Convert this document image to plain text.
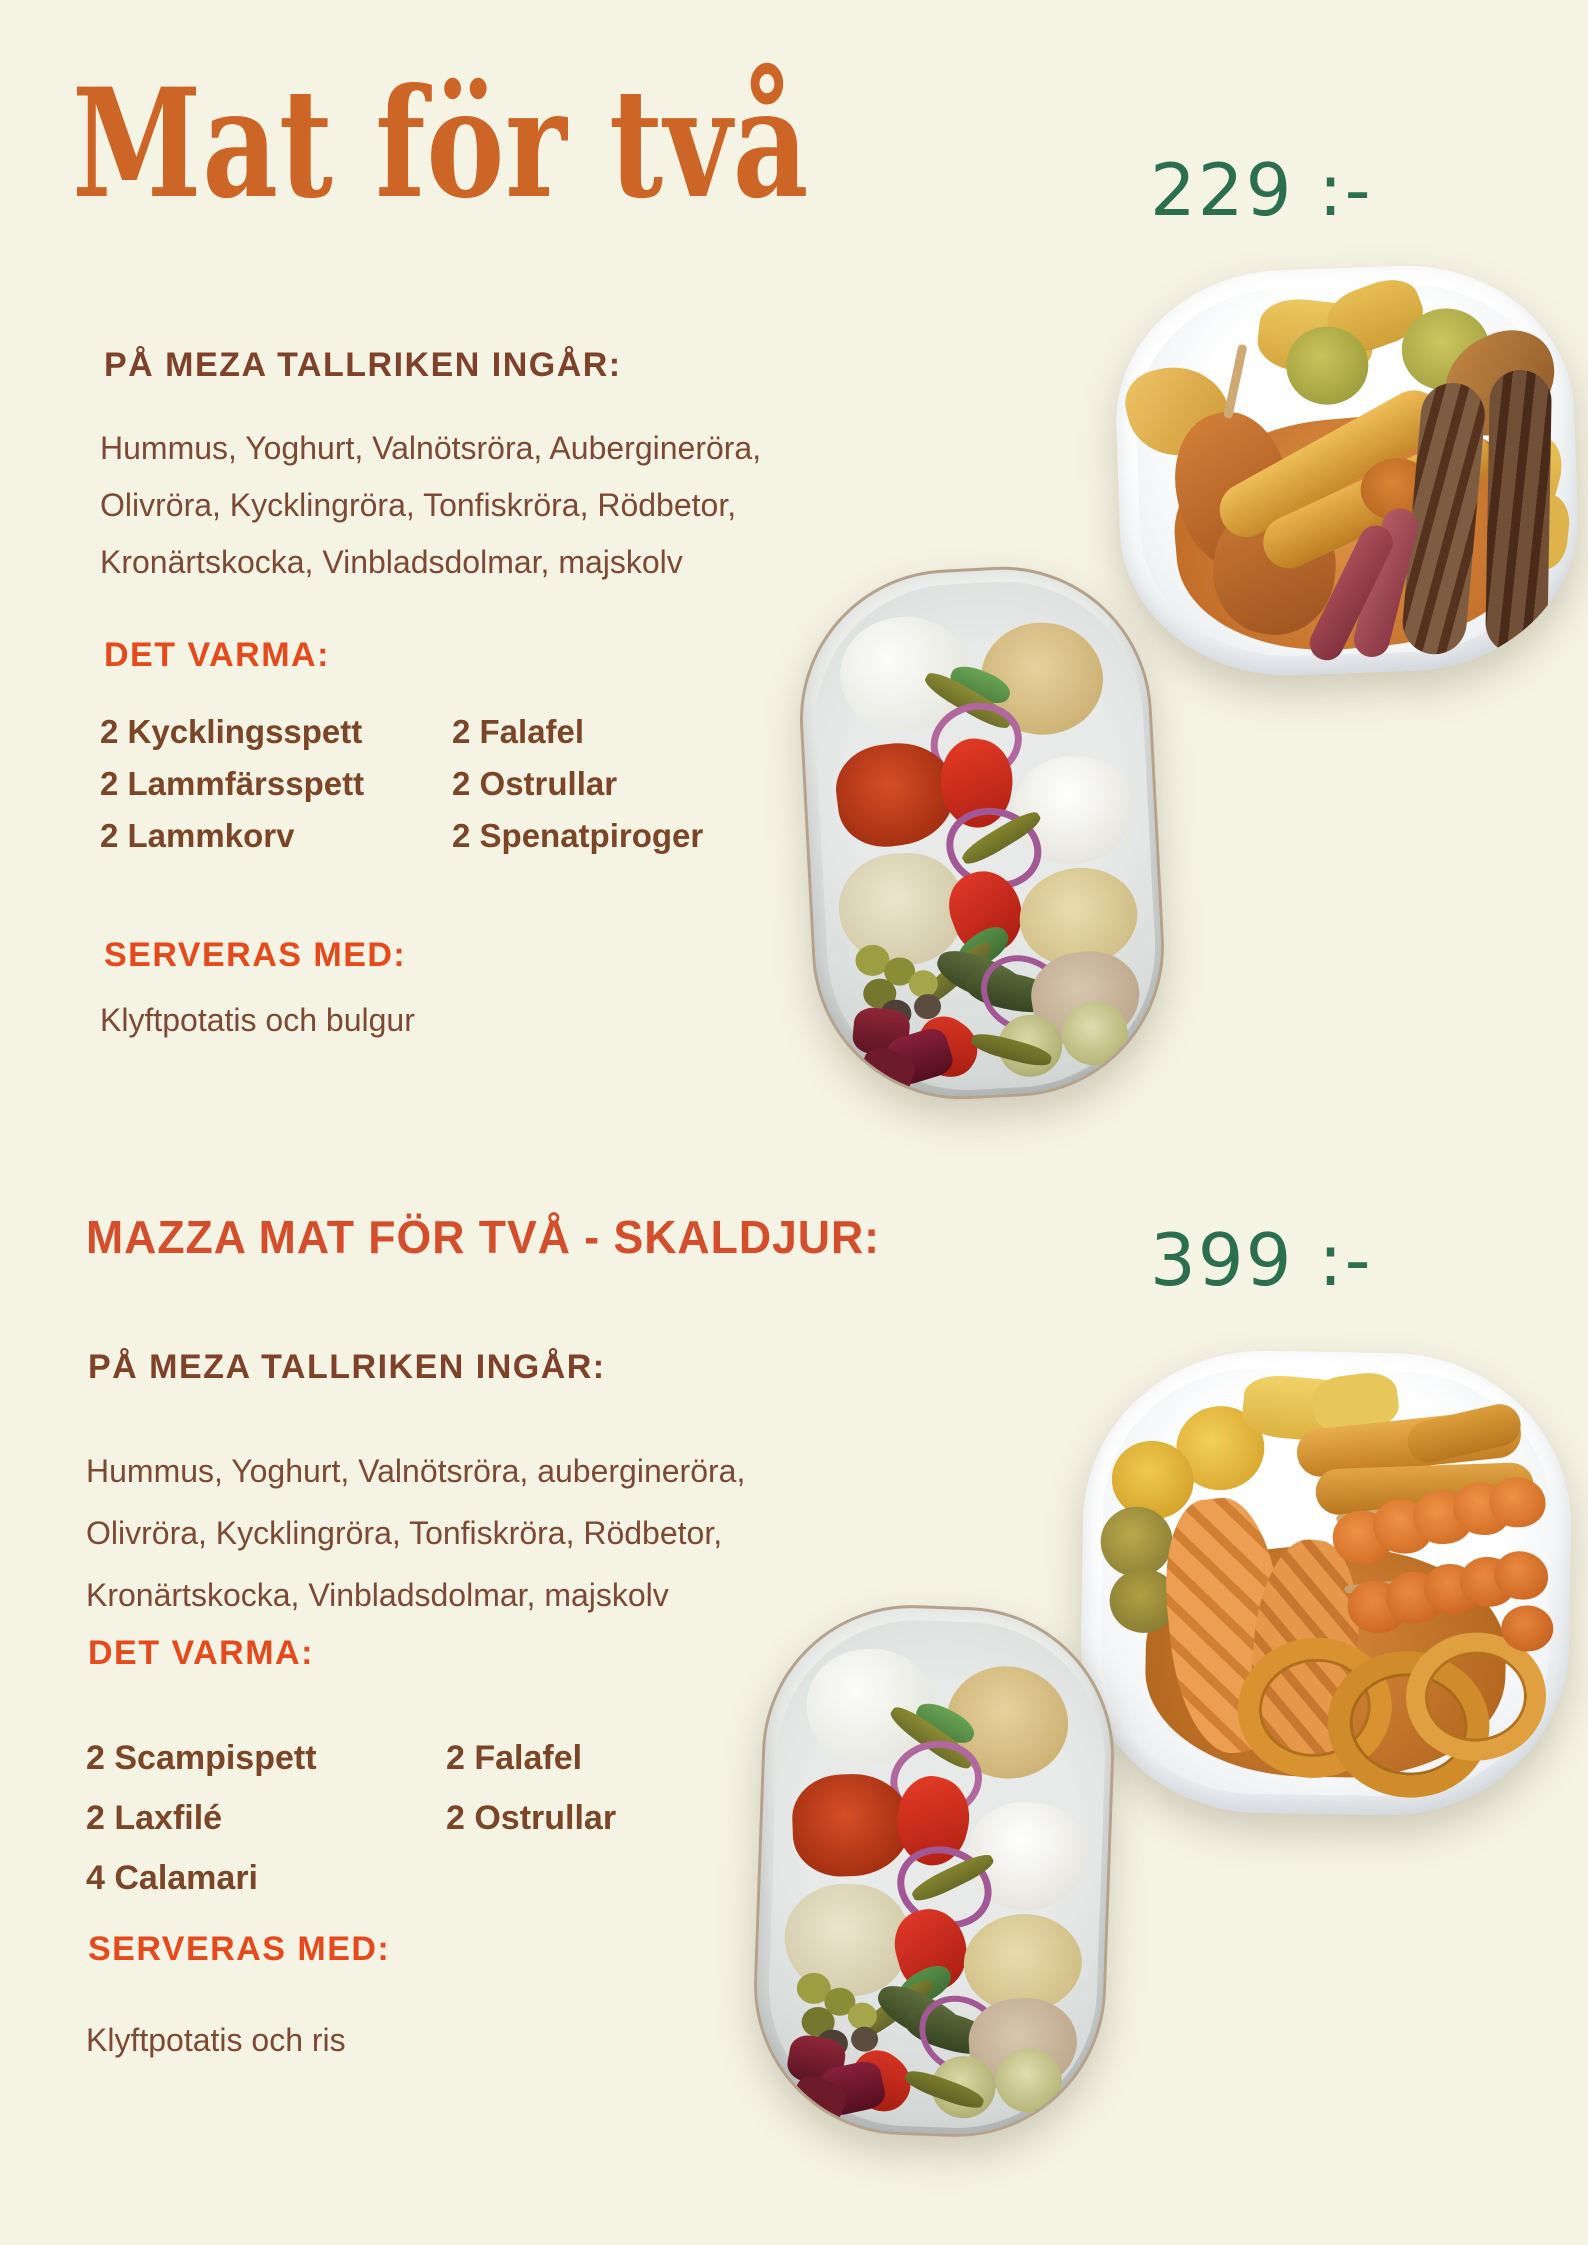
Mat för två	229 :-
PÅ MEZA TALLRIKEN INGÅR:
Hummus, Yoghurt, Valnötsröra, Aubergineröra,
Olivröra, Kycklingröra, Tonfiskröra, Rödbetor,
Kronärtskocka, Vinbladsdolmar, majskolv
DET VARMA:
2 Kycklingsspett
2 Lammfärsspett
2 Lammkorv
2 Falafel
2 Ostrullar
2 Spenatpiroger
SERVERAS MED:
Klyftpotatis och bulgur
MAZZA MAT FÖR TVÅ - SKALDJUR:	399 :-
PÅ MEZA TALLRIKEN INGÅR:
Hummus, Yoghurt, Valnötsröra, aubergineröra,
Olivröra, Kycklingröra, Tonfiskröra, Rödbetor,
Kronärtskocka, Vinbladsdolmar, majskolv
DET VARMA:
2 Scampispett
2 Laxfilé
4 Calamari
2 Falafel
2 Ostrullar
SERVERAS MED:
Klyftpotatis och ris
